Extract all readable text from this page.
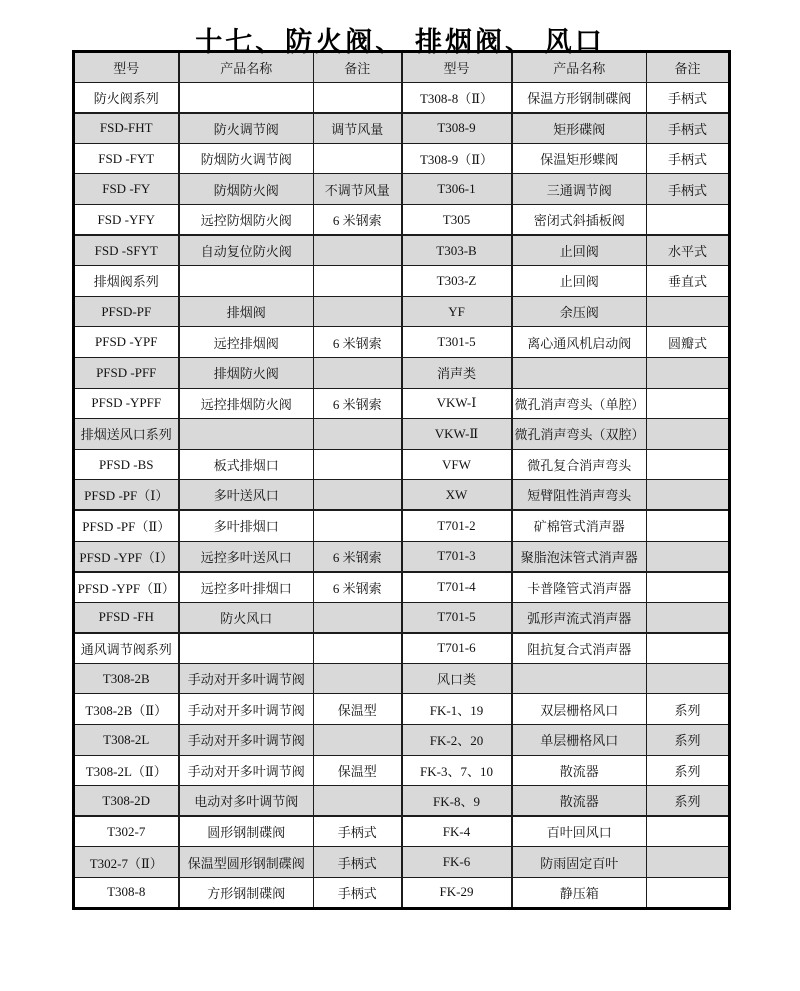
十七、防火阀、 排烟阀、 风口
型号	产品名称	备注	型号	产品名称	备注
防火阀系列			T308-8（Ⅱ）	保温方形钢制碟阀	手柄式
FSD-FHT	防火调节阀	调节风量	T308-9	矩形碟阀	手柄式
FSD -FYT	防烟防火调节阀		T308-9（Ⅱ）	保温矩形蝶阀	手柄式
FSD -FY	防烟防火阀	不调节风量	T306-1	三通调节阀	手柄式
FSD -YFY	远控防烟防火阀	6 米钢索	T305	密闭式斜插板阀	
FSD -SFYT	自动复位防火阀		T303-B	止回阀	水平式
排烟阀系列			T303-Z	止回阀	垂直式
PFSD-PF	排烟阀		YF	余压阀	
PFSD -YPF	远控排烟阀	6 米钢索	T301-5	离心通风机启动阀	圆瓣式
PFSD -PFF	排烟防火阀		消声类		
PFSD -YPFF	远控排烟防火阀	6 米钢索	VKW-Ⅰ	微孔消声弯头（单腔）	
排烟送风口系列			VKW-Ⅱ	微孔消声弯头（双腔）	
PFSD -BS	板式排烟口		VFW	微孔复合消声弯头	
PFSD -PF（Ⅰ）	多叶送风口		XW	短臂阻性消声弯头	
PFSD -PF（Ⅱ）	多叶排烟口		T701-2	矿棉管式消声器	
PFSD -YPF（Ⅰ）	远控多叶送风口	6 米钢索	T701-3	聚脂泡沫管式消声器	
PFSD -YPF（Ⅱ）	远控多叶排烟口	6 米钢索	T701-4	卡普隆管式消声器	
PFSD -FH	防火风口		T701-5	弧形声流式消声器	
通风调节阀系列			T701-6	阻抗复合式消声器	
T308-2B	手动对开多叶调节阀		风口类		
T308-2B（Ⅱ）	手动对开多叶调节阀	保温型	FK-1、19	双层栅格风口	系列
T308-2L	手动对开多叶调节阀		FK-2、20	单层栅格风口	系列
T308-2L（Ⅱ）	手动对开多叶调节阀	保温型	FK-3、7、10	散流器	系列
T308-2D	电动对多叶调节阀		FK-8、9	散流器	系列
T302-7	圆形钢制碟阀	手柄式	FK-4	百叶回风口	
T302-7（Ⅱ）	保温型圆形钢制碟阀	手柄式	FK-6	防雨固定百叶	
T308-8	方形钢制碟阀	手柄式	FK-29	静压箱	
